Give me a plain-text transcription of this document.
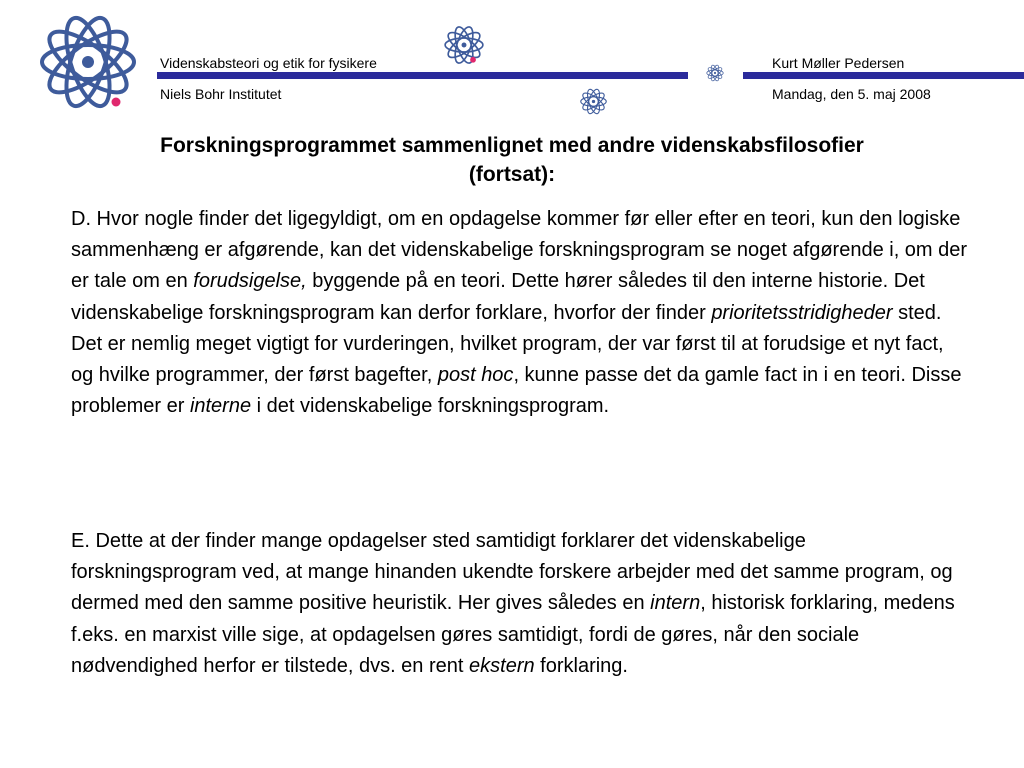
Videnskabsteori og etik for fysikere
Niels Bohr Institutet
Kurt Møller Pedersen
Mandag, den 5. maj 2008
Forskningsprogrammet sammenlignet med andre videnskabsfilosofier
(fortsat):
D. Hvor nogle finder det ligegyldigt, om en opdagelse kommer før eller efter en teori, kun den logiske sammenhæng er afgørende, kan det videnskabelige forskningsprogram se noget afgørende i, om der er tale om en forudsigelse, byggende på en teori. Dette hører således til den interne historie. Det videnskabelige forskningsprogram kan derfor forklare, hvorfor der finder prioritetsstridigheder sted. Det er nemlig meget vigtigt for vurderingen, hvilket program, der var først til at forudsige et nyt fact, og hvilke programmer, der først bagefter, post hoc, kunne passe det da gamle fact in i en teori. Disse problemer er interne i det videnskabelige forskningsprogram.
E. Dette at der finder mange opdagelser sted samtidigt forklarer det videnskabelige forskningsprogram ved, at mange hinanden ukendte forskere arbejder med det samme program, og dermed med den samme positive heuristik. Her gives således en intern, historisk forklaring, medens f.eks. en marxist ville sige, at opdagelsen gøres samtidigt, fordi de gøres, når den sociale nødvendighed herfor er tilstede, dvs. en rent ekstern forklaring.
